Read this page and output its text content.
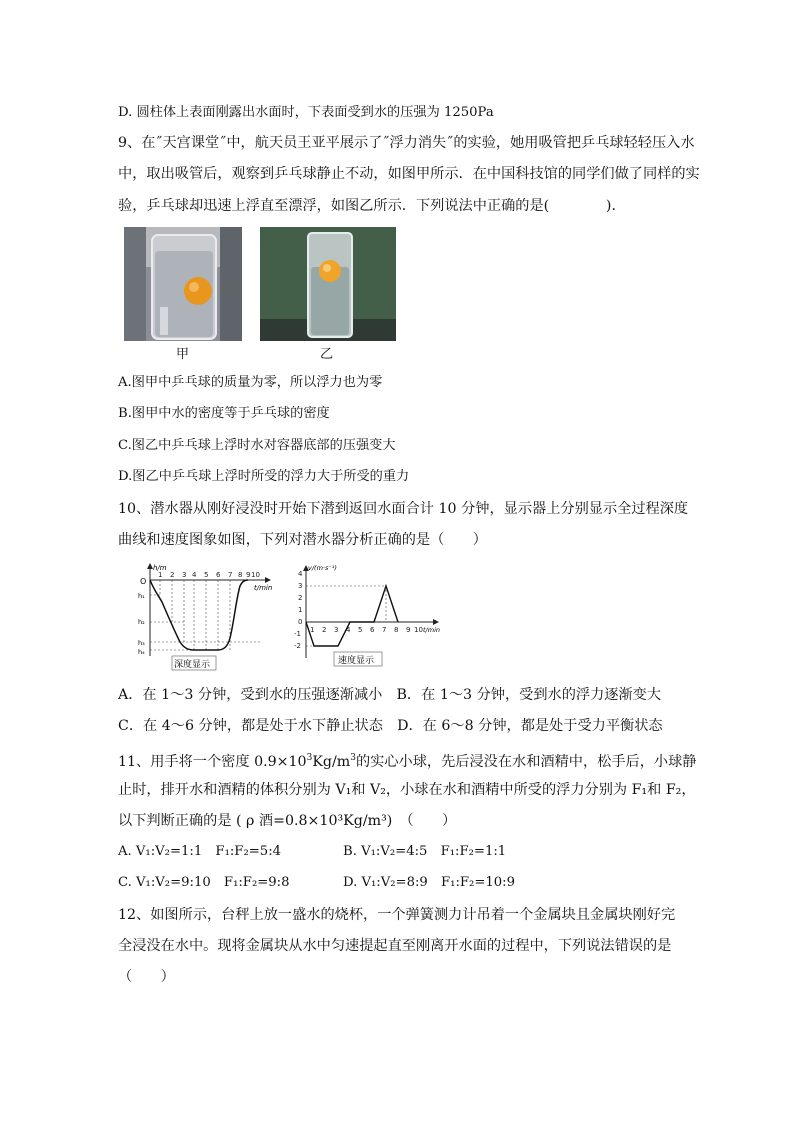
D. 圆柱体上表面刚露出水面时，下表面受到水的压强为 1250Pa
9、在˝天宫课堂˝中，航天员王亚平展示了˝浮力消失˝的实验，她用吸管把乒乓球轻轻压入水
中，取出吸管后，观察到乒乓球静止不动，如图甲所示．在中国科技馆的同学们做了同样的实
验，乒乓球却迅速上浮直至漂浮，如图乙所示．下列说法中正确的是(　　　　)．
甲	乙
A.图甲中乒乓球的质量为零，所以浮力也为零
B.图甲中水的密度等于乒乓球的密度
C.图乙中乒乓球上浮时水对容器底部的压强变大
D.图乙中乒乓球上浮时所受的浮力大于所受的重力
10、潜水器从刚好浸没时开始下潜到返回水面合计 10 分钟，显示器上分别显示全过程深度
曲线和速度图象如图，下列对潜水器分析正确的是（　　）
h/m
t/min
O
h₁
h₂
h₃
h₄
1 2 3 4 5 6 7 8 9 10
深度显示
v/(m·s⁻¹)
t/min
4
3
2
1
0
-1
-2
1 2 3 4 5 6 7 8 9 10
速度显示
A．在 1～3 分钟，受到水的压强逐渐减小　B．在 1～3 分钟，受到水的浮力逐渐变大
C．在 4～6 分钟，都是处于水下静止状态　D．在 6～8 分钟，都是处于受力平衡状态
11、用手将一个密度 $0.9\times 10^3Kg/m^3$的实心小球，先后浸没在水和酒精中，松手后，小球静
止时，排开水和酒精的体积分别为 V₁和 V₂，小球在水和酒精中所受的浮力分别为 F₁和 F₂，
以下判断正确的是 ( ρ 酒=0.8×10³Kg/m³)　（　　）
A. V₁:V₂=1:1　F₁:F₂=5:4	B. V₁:V₂=4:5　F₁:F₂=1:1
C. V₁:V₂=9:10　F₁:F₂=9:8	D. V₁:V₂=8:9　F₁:F₂=10:9
12、如图所示，台秤上放一盛水的烧杯，一个弹簧测力计吊着一个金属块且金属块刚好完
全浸没在水中。现将金属块从水中匀速提起直至刚离开水面的过程中，下列说法错误的是
（　　）
